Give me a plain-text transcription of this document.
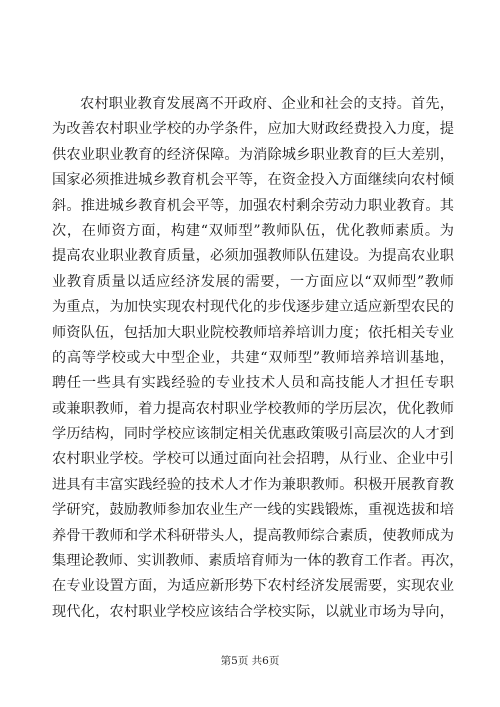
农村职业教育发展离不开政府、企业和社会的支持。首先，
为改善农村职业学校的办学条件，应加大财政经费投入力度，提
供农业职业教育的经济保障。为消除城乡职业教育的巨大差别，
国家必须推进城乡教育机会平等，在资金投入方面继续向农村倾
斜。推进城乡教育机会平等，加强农村剩余劳动力职业教育。其
次，在师资方面，构建“双师型”教师队伍，优化教师素质。为
提高农业职业教育质量，必须加强教师队伍建设。为提高农业职
业教育质量以适应经济发展的需要，一方面应以“双师型”教师
为重点，为加快实现农村现代化的步伐逐步建立适应新型农民的
师资队伍，包括加大职业院校教师培养培训力度；依托相关专业
的高等学校或大中型企业，共建“双师型”教师培养培训基地，
聘任一些具有实践经验的专业技术人员和高技能人才担任专职
或兼职教师，着力提高农村职业学校教师的学历层次，优化教师
学历结构，同时学校应该制定相关优惠政策吸引高层次的人才到
农村职业学校。学校可以通过面向社会招聘，从行业、企业中引
进具有丰富实践经验的技术人才作为兼职教师。积极开展教育教
学研究，鼓励教师参加农业生产一线的实践锻炼，重视选拔和培
养骨干教师和学术科研带头人，提高教师综合素质，使教师成为
集理论教师、实训教师、素质培育师为一体的教育工作者。再次，
在专业设置方面，为适应新形势下农村经济发展需要，实现农业
现代化，农村职业学校应该结合学校实际，以就业市场为导向，
第5页 共6页
